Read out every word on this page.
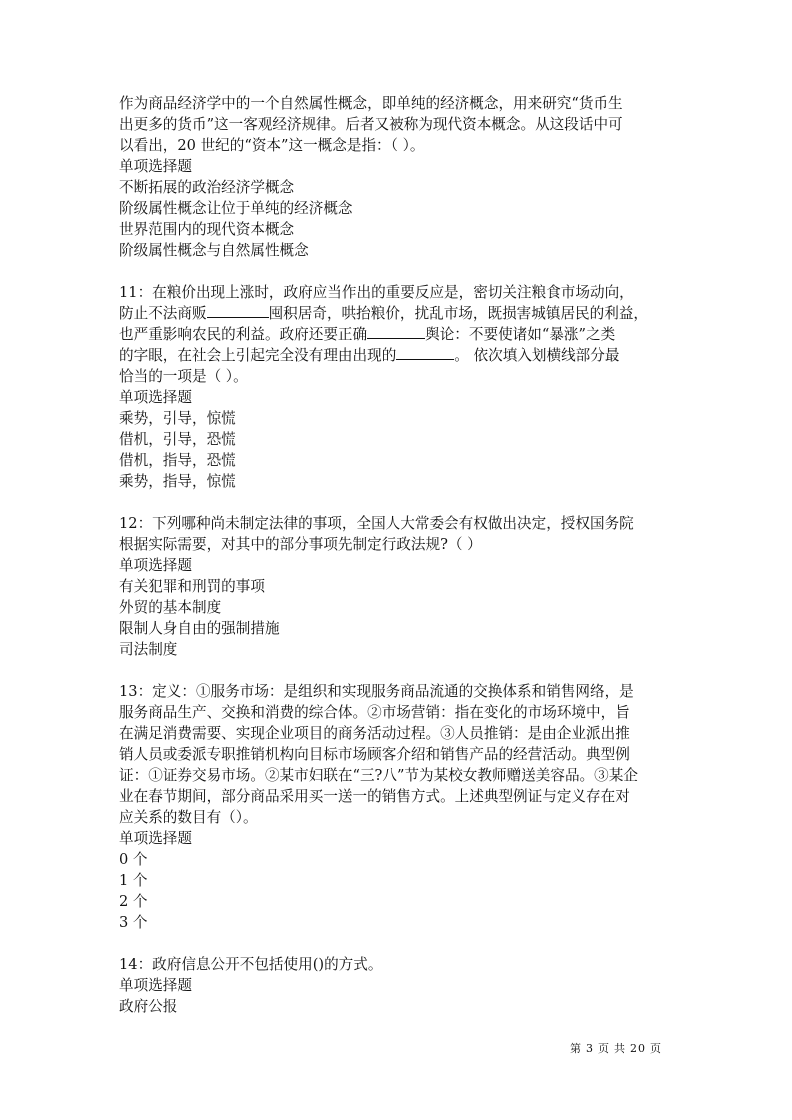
作为商品经济学中的一个自然属性概念，即单纯的经济概念，用来研究“货币生
出更多的货币”这一客观经济规律。后者又被称为现代资本概念。从这段话中可
以看出，20 世纪的“资本”这一概念是指：（ ）。
单项选择题
不断拓展的政治经济学概念
阶级属性概念让位于单纯的经济概念
世界范围内的现代资本概念
阶级属性概念与自然属性概念
11：在粮价出现上涨时，政府应当作出的重要反应是，密切关注粮食市场动向，
防止不法商贩	囤积居奇，哄抬粮价，扰乱市场，既损害城镇居民的利益，
也严重影响农民的利益。政府还要正确	舆论：不要使诸如“暴涨”之类
的字眼，在社会上引起完全没有理由出现的	。 依次填入划横线部分最
恰当的一项是（ ）。
单项选择题
乘势，引导，惊慌
借机，引导，恐慌
借机，指导，恐慌
乘势，指导，惊慌
12：下列哪种尚未制定法律的事项，全国人大常委会有权做出决定，授权国务院
根据实际需要，对其中的部分事项先制定行政法规?（ ）
单项选择题
有关犯罪和刑罚的事项
外贸的基本制度
限制人身自由的强制措施
司法制度
13：定义：①服务市场：是组织和实现服务商品流通的交换体系和销售网络，是
服务商品生产、交换和消费的综合体。②市场营销：指在变化的市场环境中，旨
在满足消费需要、实现企业项目的商务活动过程。③人员推销：是由企业派出推
销人员或委派专职推销机构向目标市场顾客介绍和销售产品的经营活动。典型例
证：①证券交易市场。②某市妇联在“三?八”节为某校女教师赠送美容品。③某企
业在春节期间，部分商品采用买一送一的销售方式。上述典型例证与定义存在对
应关系的数目有（）。
单项选择题
0 个
1 个
2 个
3 个
14：政府信息公开不包括使用()的方式。
单项选择题
政府公报
第 3 页 共 20 页
